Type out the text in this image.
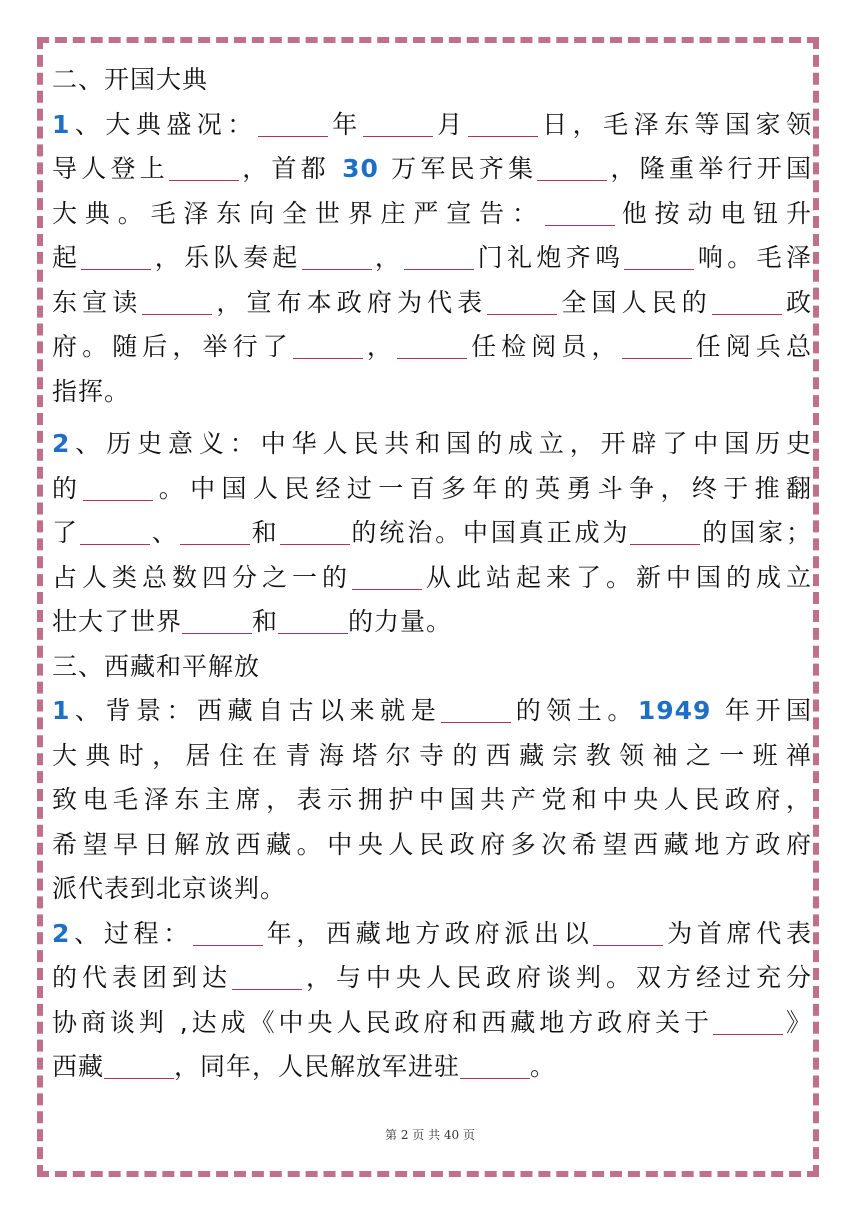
二、开国大典
1、大典盛况：	年	月	日，毛泽东等国家领
导人登上	，首都 30 万军民齐集	，隆重举行开国
大典。毛泽东向全世界庄严宣告：	他按动电钮升
起	，乐队奏起	，	门礼炮齐鸣	响。毛泽
东宣读	，宣布本政府为代表	全国人民的	政
府。随后，举行了	，	任检阅员，	任阅兵总
指挥。
2、历史意义：中华人民共和国的成立，开辟了中国历史
的	。中国人民经过一百多年的英勇斗争，终于推翻
了	、	和	的统治。中国真正成为	的国家；
占人类总数四分之一的	从此站起来了。新中国的成立
壮大了世界	和	的力量。
三、西藏和平解放
1、背景：西藏自古以来就是	的领土。1949 年开国
大典时，居住在青海塔尔寺的西藏宗教领袖之一班禅
致电毛泽东主席，表示拥护中国共产党和中央人民政府，
希望早日解放西藏。中央人民政府多次希望西藏地方政府
派代表到北京谈判。
2、过程：	年，西藏地方政府派出以	为首席代表
的代表团到达	，与中央人民政府谈判。双方经过充分
协商谈判 ,达成《中央人民政府和西藏地方政府关于	》
西藏	，同年，人民解放军进驻	。
第 2 页 共 40 页
